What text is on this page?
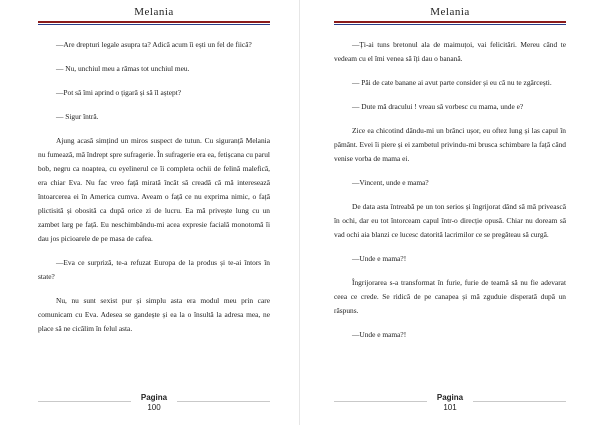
Melania

—Are drepturi legale asupra ta? Adică acum îi ești un fel de fiică?

— Nu, unchiul meu a rămas tot unchiul meu.

—Pot să îmi aprind o țigară și să îl aștept?

— Sigur întră.

Ajung acasă simțind un miros suspect de tutun. Cu siguranță Melania nu fumează, mă îndrept spre sufragerie. În sufragerie era ea, fetișcana cu parul bob, negru ca noaptea, cu eyelinerul ce îi completa ochii de felină malefică, era chiar Eva. Nu fac vreo față mirată încât să creadă că mă interesează întoarcerea ei în America cumva. Aveam o față ce nu exprima nimic, o față plictisită și obosită ca după orice zi de lucru. Ea mă privește lung cu un zambet larg pe față. Eu neschimbându-mi acea expresie facială monotomă îi dau jos picioarele de pe masa de cafea.

—Eva ce surpriză, te-a refuzat Europa de la produs și te-ai întors în state?

Nu, nu sunt sexist pur și simplu asta era modul meu prin care comunicam cu Eva. Adesea se gandește și ea la o însultă la adresa mea, ne place să ne cicălim în felul asta.

Pagina
100
Melania

—Ți-ai tuns bretonul ala de maimuțoi, vai felicitări. Mereu când te vedeam cu el îmi venea să îți dau o banană.

— Păi de cate banane ai avut parte consider și eu că nu te zgârcești.

— Dute mă dracului ! vreau să vorbesc cu mama, unde e?

Zice ea chicotind dându-mi un brânci ușor, eu oftez lung și las capul în pământ. Evei îi piere și ei zambetul privindu-mi brusca schimbare la față când venise vorba de mama ei.

—Vincent, unde e mama?

De data asta întreabă pe un ton serios și îngrijorat dând să mă privească în ochi, dar eu tot întorceam capul într-o direcție opusă. Chiar nu doream să vad ochi aia blanzi ce lucesc datorită lacrimilor ce se pregăteau să curgă.

—Unde e mama?!

Îngrijorarea s-a transformat în furie, furie de teamă să nu fie adevarat ceea ce crede. Se ridică de pe canapea și mă zguduie disperată după un răspuns.

—Unde e mama?!

Pagina
101
